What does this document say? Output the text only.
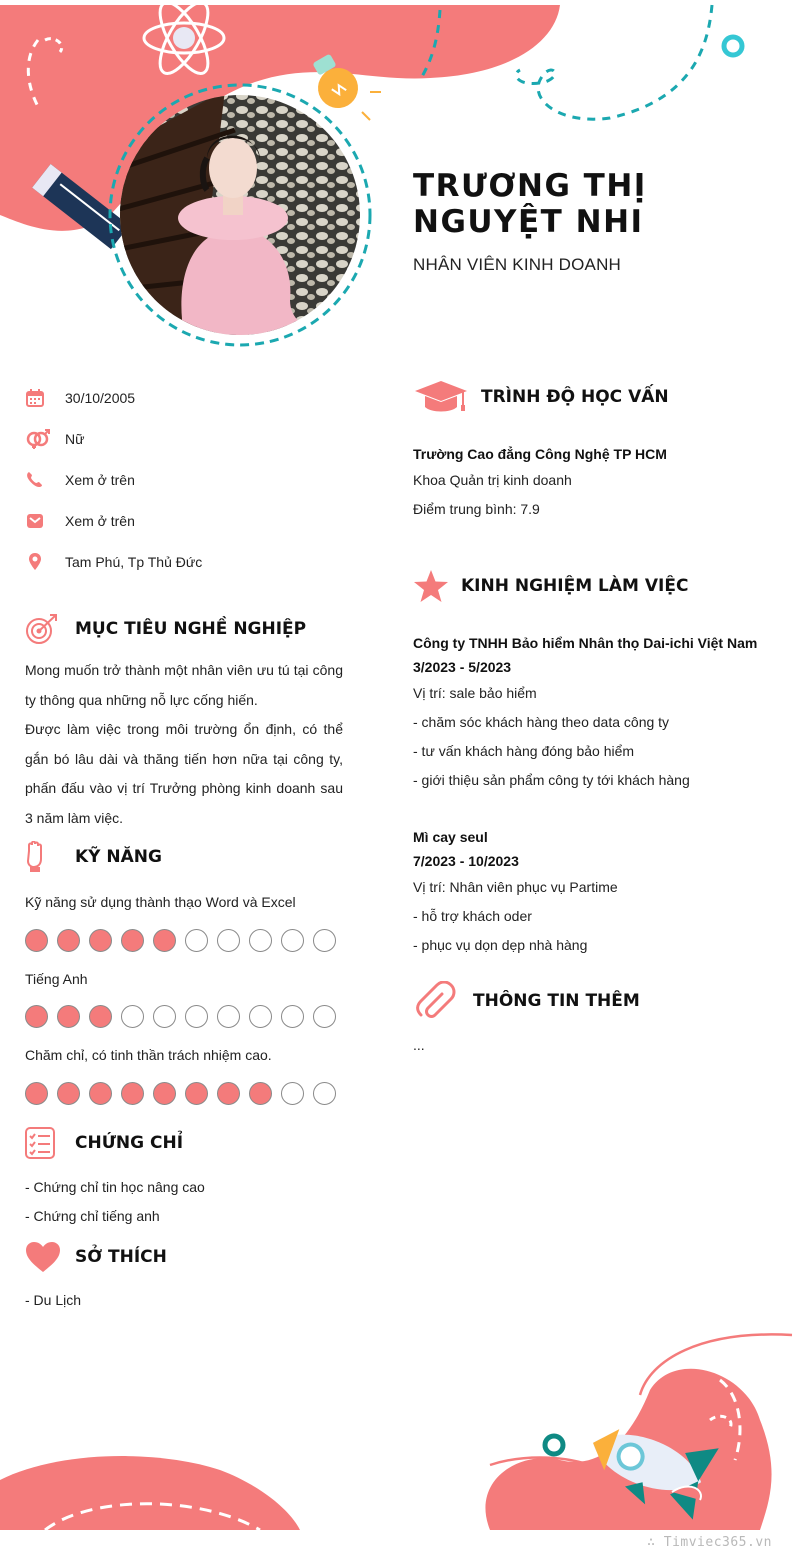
TRƯƠNG THỊ NGUYỆT NHI
NHÂN VIÊN KINH DOANH
30/10/2005
Nữ
Xem ở trên
Xem ở trên
Tam Phú, Tp Thủ Đức
MỤC TIÊU NGHỀ NGHIỆP
Mong muốn trở thành một nhân viên ưu tú tại công ty thông qua những nỗ lực cống hiến.
Được làm việc trong môi trường ổn định, có thể gắn bó lâu dài và thăng tiến hơn nữa tại công ty, phấn đấu vào vị trí Trưởng phòng kinh doanh sau 3 năm làm việc.
KỸ NĂNG
Kỹ năng sử dụng thành thạo Word và Excel
Tiếng Anh
Chăm chỉ, có tinh thần trách nhiệm cao.
CHỨNG CHỈ
- Chứng chỉ tin học nâng cao
- Chứng chỉ tiếng anh
SỞ THÍCH
- Du Lịch
TRÌNH ĐỘ HỌC VẤN
Trường Cao đẳng Công Nghệ TP HCM
Khoa Quản trị kinh doanh
Điểm trung bình: 7.9
KINH NGHIỆM LÀM VIỆC
Công ty TNHH Bảo hiểm Nhân thọ Dai-ichi Việt Nam
3/2023 - 5/2023
Vị trí: sale bảo hiểm
- chăm sóc khách hàng theo data công ty
- tư vấn khách hàng đóng bảo hiểm
- giới thiệu sản phẩm công ty tới khách hàng
Mì cay seul
7/2023 - 10/2023
Vị trí: Nhân viên phục vụ Partime
- hỗ trợ khách oder
- phục vụ dọn dẹp nhà hàng
THÔNG TIN THÊM
...
∴ Timviec365.vn
